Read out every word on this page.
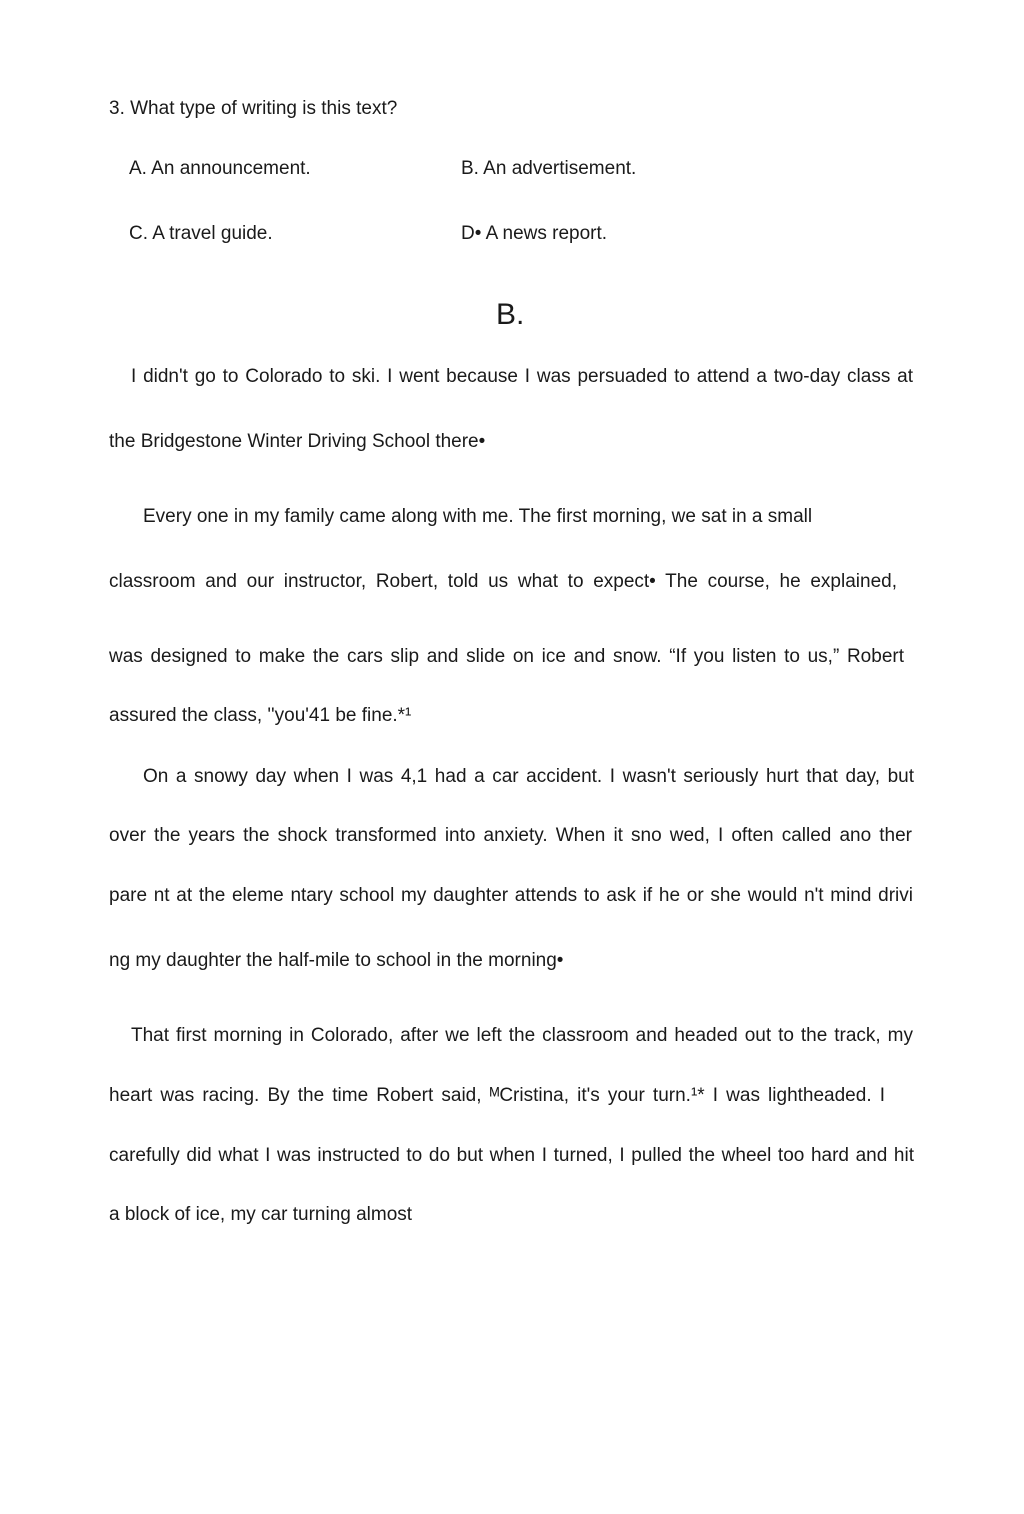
3. What type of writing is this text?
A. An announcement.	B. An advertisement.
C. A travel guide.	D• A news report.
B.
I didn't go to Colorado to ski. I went because I was persuaded to attend a two-day class at
the Bridgestone Winter Driving School there•
Every one in my family came along with me. The first morning, we sat in a small
classroom and our instructor, Robert, told us what to expect• The course, he explained,
was designed to make the cars slip and slide on ice and snow. “If you listen to us,” Robert
assured the class, ''you'41 be fine.*¹
On a snowy day when I was 4,1 had a car accident. I wasn't seriously hurt that day, but
over the years the shock transformed into anxiety. When it sno wed, I often called ano ther
pare nt at the eleme ntary school my daughter attends to ask if he or she would n't mind drivi
ng my daughter the half-mile to school in the morning•
That first morning in Colorado, after we left the classroom and headed out to the track, my
heart was racing. By the time Robert said, ᴹCristina, it's your turn.¹* I was lightheaded. I
carefully did what I was instructed to do but when I turned, I pulled the wheel too hard and hit
a block of ice, my car turning almost
